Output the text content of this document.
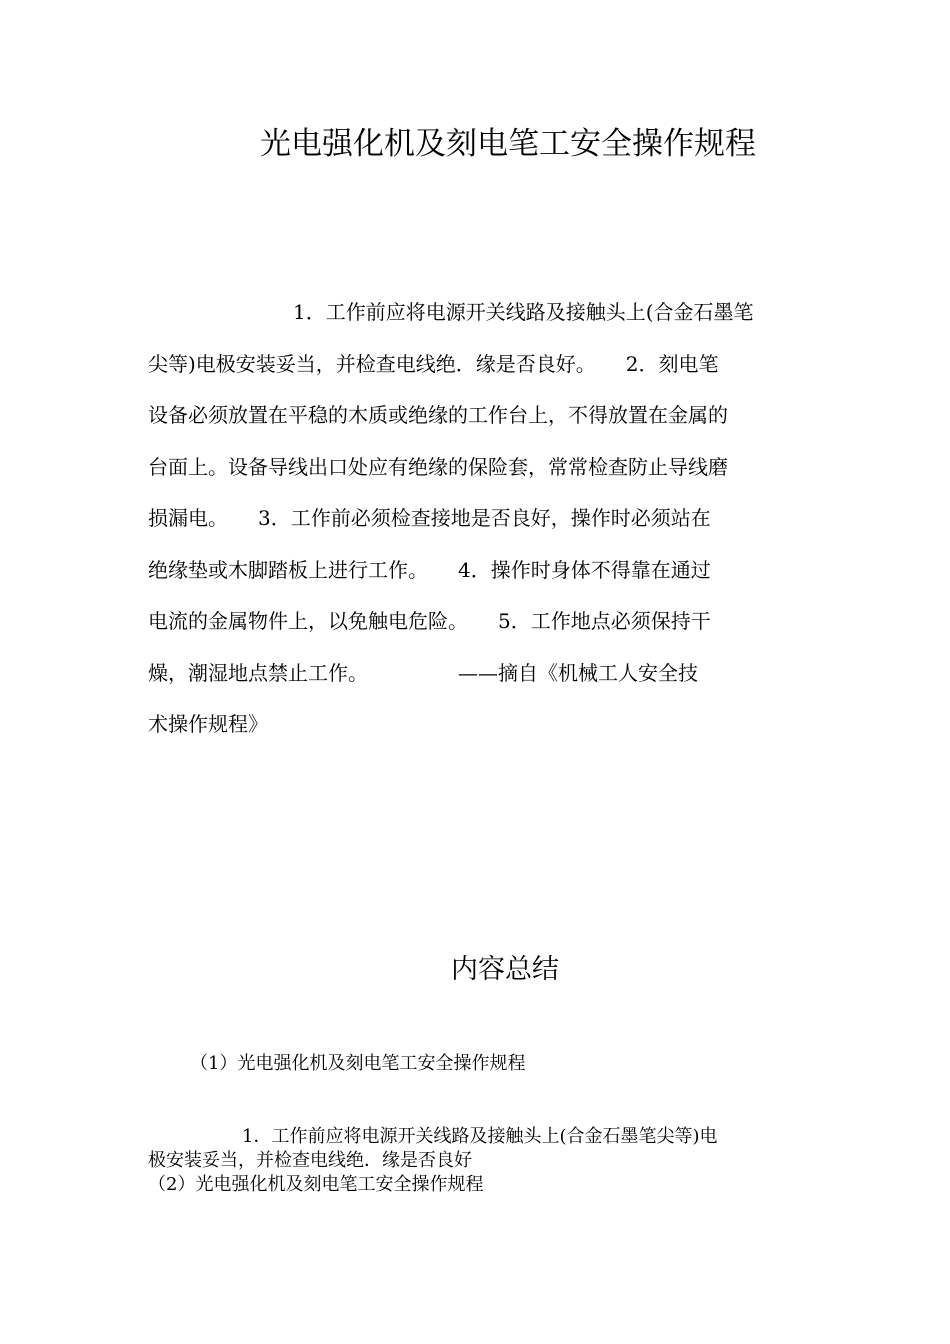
光电强化机及刻电笔工安全操作规程
1．工作前应将电源开关线路及接触头上(合金石墨笔
尖等)电极安装妥当，并检查电线绝．缘是否良好。　　2．刻电笔
设备必须放置在平稳的木质或绝缘的工作台上，不得放置在金属的
台面上。设备导线出口处应有绝缘的保险套，常常检查防止导线磨
损漏电。　　3．工作前必须检查接地是否良好，操作时必须站在
绝缘垫或木脚踏板上进行工作。　　4．操作时身体不得靠在通过
电流的金属物件上，以免触电危险。　　5．工作地点必须保持干
燥，潮湿地点禁止工作。　　　　　——摘自《机械工人安全技
术操作规程》
内容总结
（1）光电强化机及刻电笔工安全操作规程
1．工作前应将电源开关线路及接触头上(合金石墨笔尖等)电
极安装妥当，并检查电线绝．缘是否良好
（2）光电强化机及刻电笔工安全操作规程
